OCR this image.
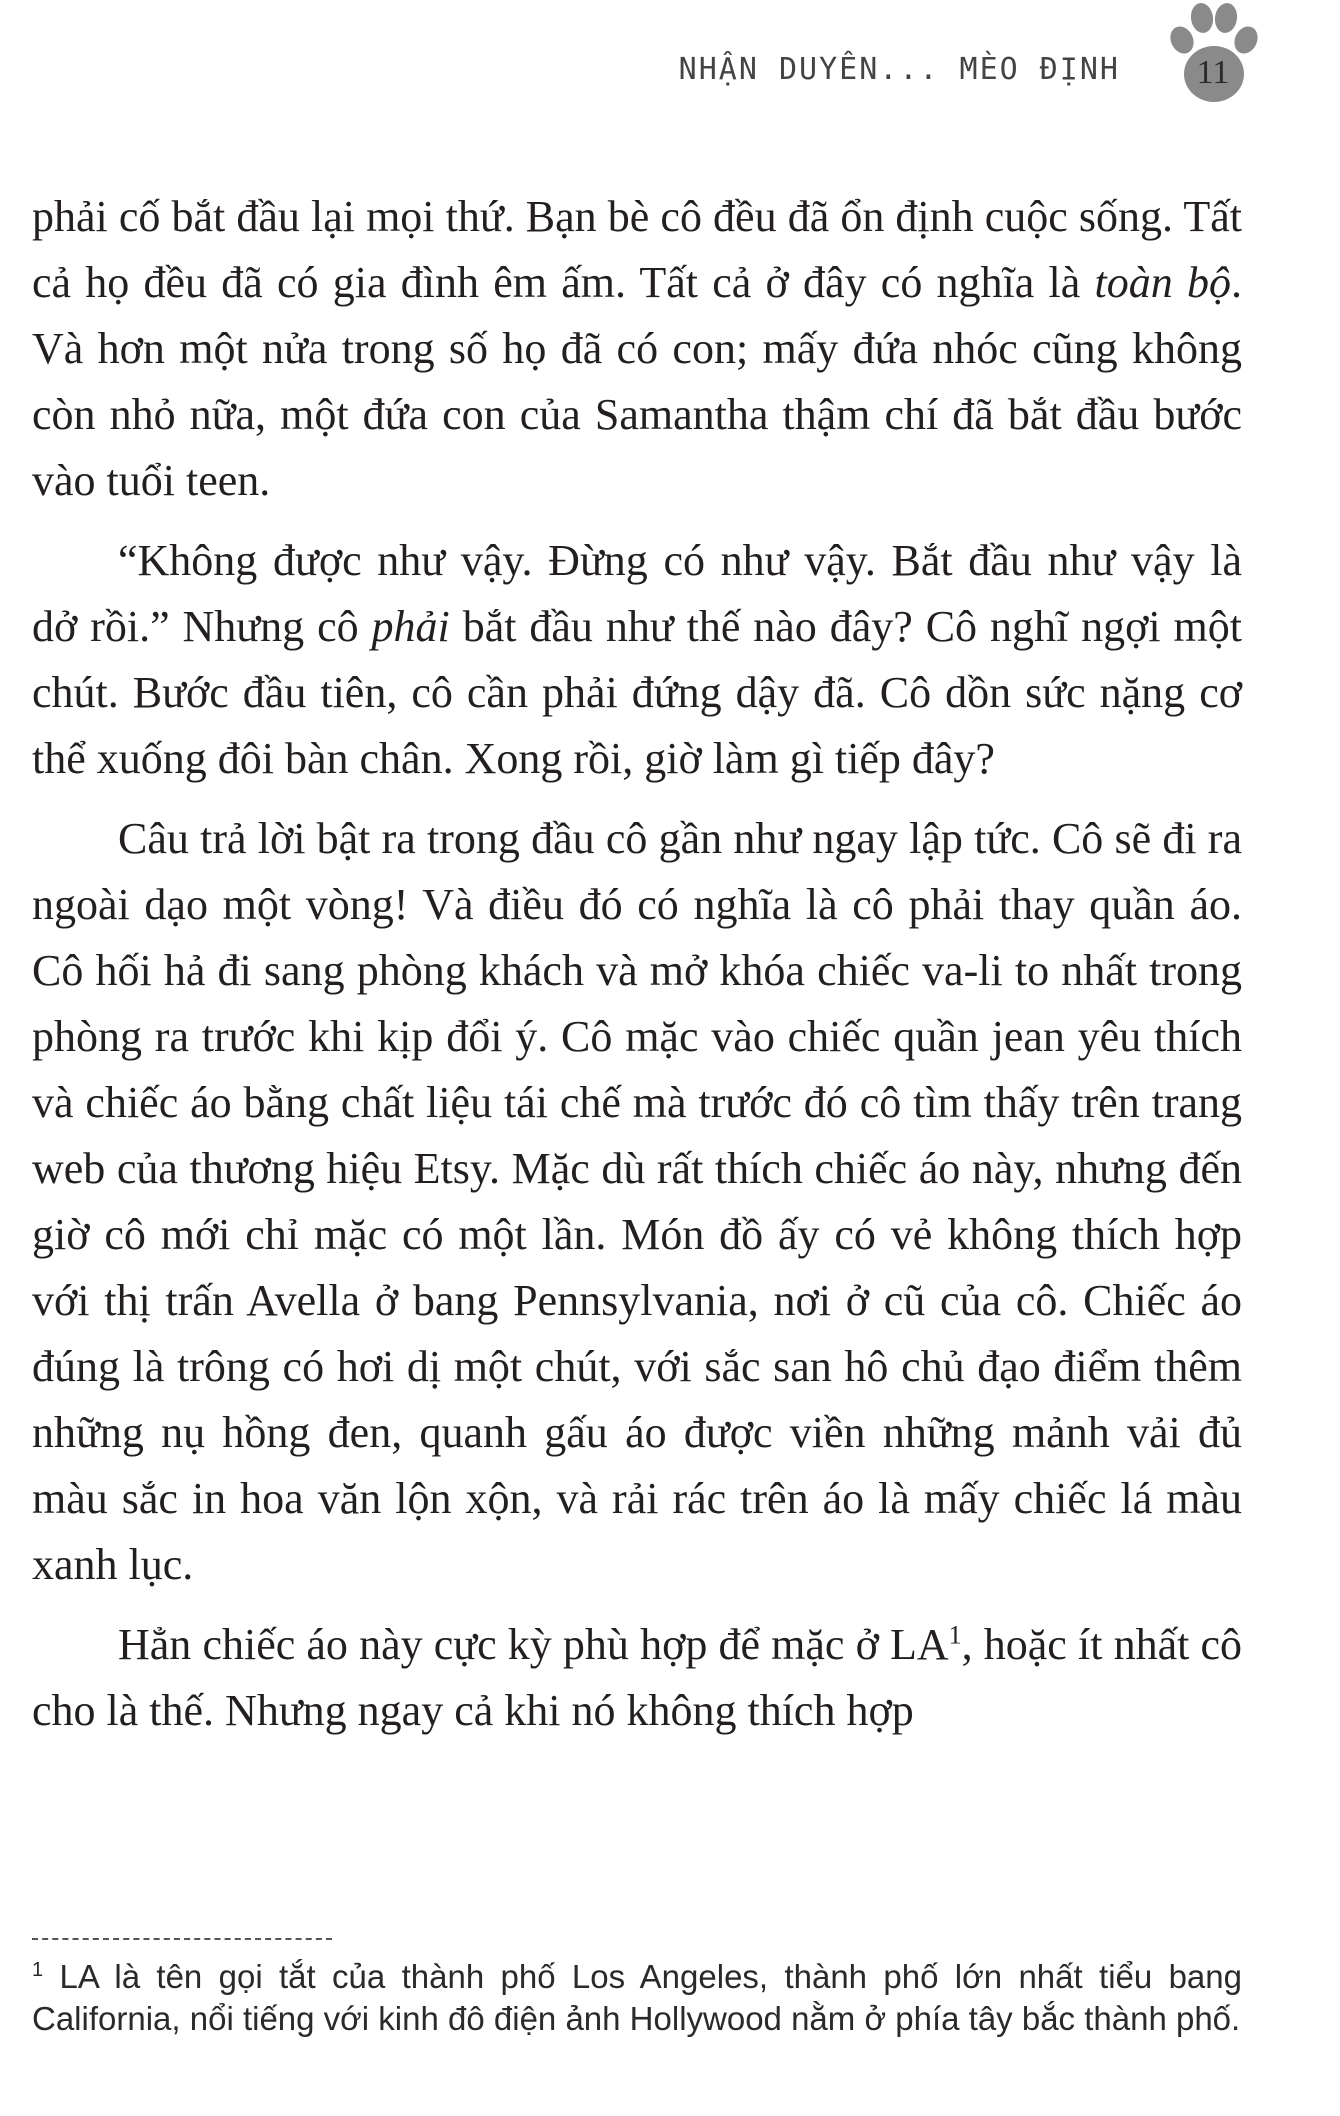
NHẬN DUYÊN... MÈO ĐỊNH	11

phải cố bắt đầu lại mọi thứ. Bạn bè cô đều đã ổn định cuộc sống. Tất cả họ đều đã có gia đình êm ấm. Tất cả ở đây có nghĩa là toàn bộ. Và hơn một nửa trong số họ đã có con; mấy đứa nhóc cũng không còn nhỏ nữa, một đứa con của Samantha thậm chí đã bắt đầu bước vào tuổi teen.

“Không được như vậy. Đừng có như vậy. Bắt đầu như vậy là dở rồi.” Nhưng cô phải bắt đầu như thế nào đây? Cô nghĩ ngợi một chút. Bước đầu tiên, cô cần phải đứng dậy đã. Cô dồn sức nặng cơ thể xuống đôi bàn chân. Xong rồi, giờ làm gì tiếp đây?

Câu trả lời bật ra trong đầu cô gần như ngay lập tức. Cô sẽ đi ra ngoài dạo một vòng! Và điều đó có nghĩa là cô phải thay quần áo. Cô hối hả đi sang phòng khách và mở khóa chiếc va-li to nhất trong phòng ra trước khi kịp đổi ý. Cô mặc vào chiếc quần jean yêu thích và chiếc áo bằng chất liệu tái chế mà trước đó cô tìm thấy trên trang web của thương hiệu Etsy. Mặc dù rất thích chiếc áo này, nhưng đến giờ cô mới chỉ mặc có một lần. Món đồ ấy có vẻ không thích hợp với thị trấn Avella ở bang Pennsylvania, nơi ở cũ của cô. Chiếc áo đúng là trông có hơi dị một chút, với sắc san hô chủ đạo điểm thêm những nụ hồng đen, quanh gấu áo được viền những mảnh vải đủ màu sắc in hoa văn lộn xộn, và rải rác trên áo là mấy chiếc lá màu xanh lục.

Hẳn chiếc áo này cực kỳ phù hợp để mặc ở $LA^1$, hoặc ít nhất cô cho là thế. Nhưng ngay cả khi nó không thích hợp

$^1$ LA là tên gọi tắt của thành phố Los Angeles, thành phố lớn nhất tiểu bang California, nổi tiếng với kinh đô điện ảnh Hollywood nằm ở phía tây bắc thành phố.
